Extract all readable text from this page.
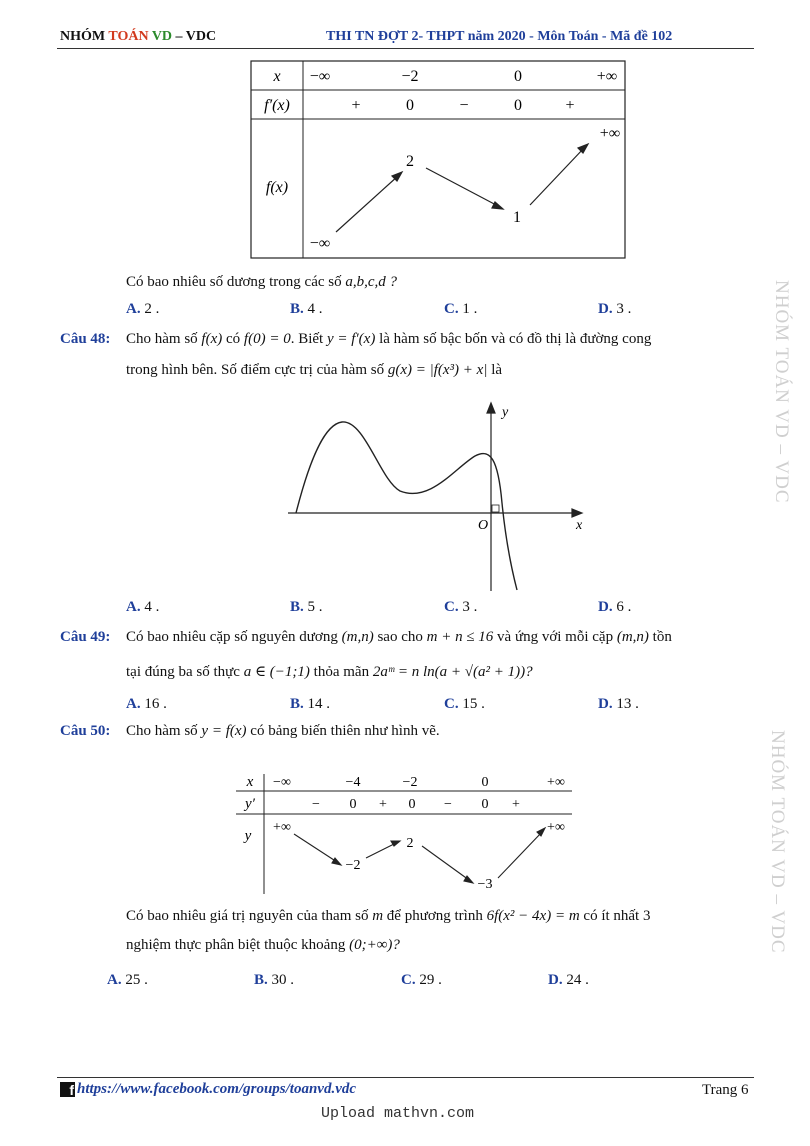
NHÓM TOÁN VD – VDC	THI TN ĐỢT 2- THPT năm 2020 - Môn Toán - Mã đề 102
NHÓM TOÁN VD – VDC
NHÓM TOÁN VD – VDC
x −∞	−2	0	+∞
f′(x)	+	0	−	0	+
f(x)
−∞
2
1
+∞
Có bao nhiêu số dương trong các số a,b,c,d ?
A. 2 .	B. 4 .	C. 1 .	D. 3 .
Câu 48: Cho hàm số f(x) có f(0) = 0. Biết y = f′(x) là hàm số bậc bốn và có đồ thị là đường cong
trong hình bên. Số điểm cực trị của hàm số g(x) = |f(x³) + x| là
y
x
O
A. 4 .	B. 5 .	C. 3 .	D. 6 .
Câu 49: Có bao nhiêu cặp số nguyên dương (m,n) sao cho m + n ≤ 16 và ứng với mỗi cặp (m,n) tồn
tại đúng ba số thực a ∈ (−1;1) thỏa mãn 2aᵐ = n ln(a + √(a² + 1))?
A. 16 .	B. 14 .	C. 15 .	D. 13 .
Câu 50: Cho hàm số y = f(x) có bảng biến thiên như hình vẽ.
x −∞	−4	−2	0	+∞
y′	− 0 + 0 − 0 +
y
+∞
−2
2
−3
+∞
Có bao nhiêu giá trị nguyên của tham số m để phương trình 6f(x² − 4x) = m có ít nhất 3
nghiệm thực phân biệt thuộc khoảng (0;+∞)?
A. 25 .	B. 30 .	C. 29 .	D. 24 .
f https://www.facebook.com/groups/toanvd.vdc	Trang 6
Upload mathvn.com
